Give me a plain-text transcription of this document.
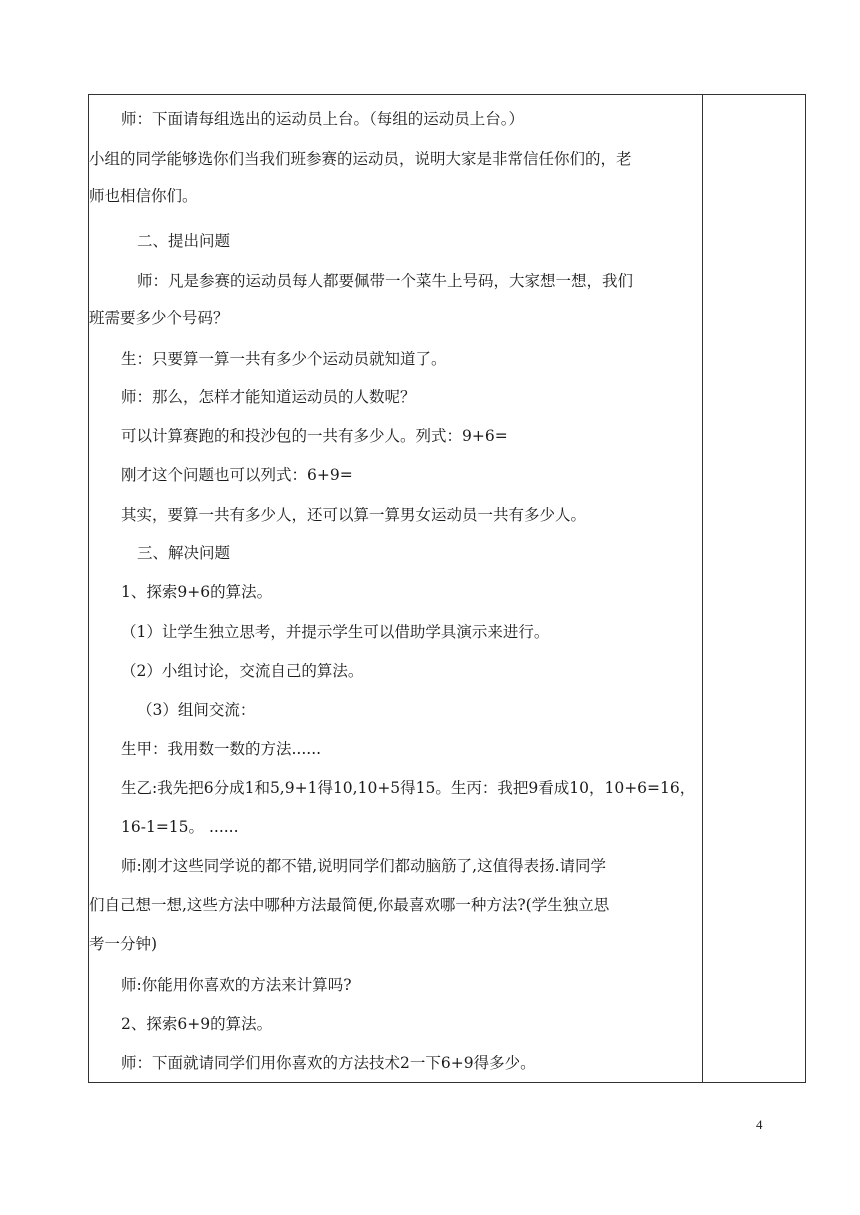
师：下面请每组选出的运动员上台。（每组的运动员上台。）
小组的同学能够选你们当我们班参赛的运动员，说明大家是非常信任你们的，老
师也相信你们。
二、提出问题
师：凡是参赛的运动员每人都要佩带一个菜牛上号码，大家想一想，我们
班需要多少个号码？
生：只要算一算一共有多少个运动员就知道了。
师：那么，怎样才能知道运动员的人数呢？
可以计算赛跑的和投沙包的一共有多少人。列式：9+6=
刚才这个问题也可以列式：6+9=
其实，要算一共有多少人，还可以算一算男女运动员一共有多少人。
三、解决问题
1、探索9+6的算法。
（1）让学生独立思考，并提示学生可以借助学具演示来进行。
（2）小组讨论，交流自己的算法。
（3）组间交流：
生甲：我用数一数的方法......
生乙:我先把6分成1和5,9+1得10,10+5得15。生丙：我把9看成10，10+6=16，
16-1=15。 ......
师:刚才这些同学说的都不错,说明同学们都动脑筋了,这值得表扬.请同学
们自己想一想,这些方法中哪种方法最简便,你最喜欢哪一种方法?(学生独立思
考一分钟)
师:你能用你喜欢的方法来计算吗?
2、探索6+9的算法。
师：下面就请同学们用你喜欢的方法技术2一下6+9得多少。
4
